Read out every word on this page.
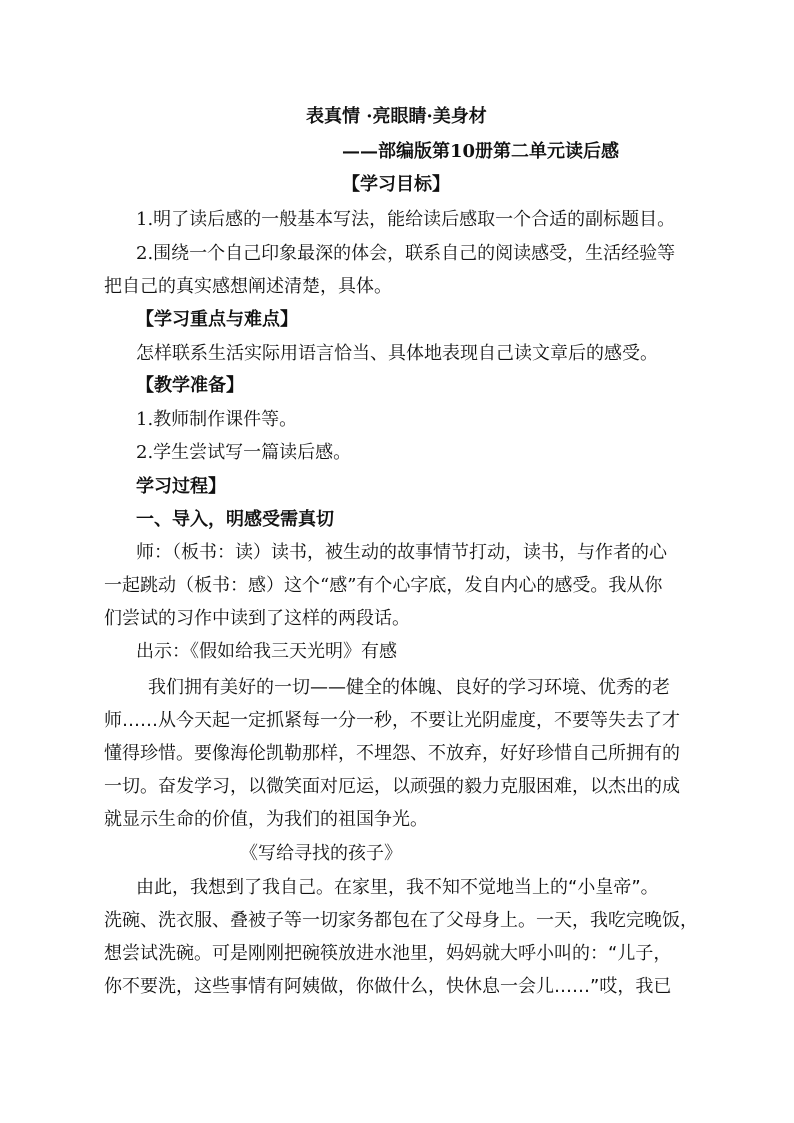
表真情 ·亮眼睛·美身材
——部编版第10册第二单元读后感
【学习目标】
1.明了读后感的一般基本写法，能给读后感取一个合适的副标题目。
2.围绕一个自己印象最深的体会，联系自己的阅读感受，生活经验等
把自己的真实感想阐述清楚，具体。
【学习重点与难点】
怎样联系生活实际用语言恰当、具体地表现自己读文章后的感受。
【教学准备】
1.教师制作课件等。
2.学生尝试写一篇读后感。
学习过程】
一、导入，明感受需真切
师：（板书：读）读书，被生动的故事情节打动，读书，与作者的心
一起跳动（板书：感）这个“感”有个心字底，发自内心的感受。我从你
们尝试的习作中读到了这样的两段话。
出示：《假如给我三天光明》有感
我们拥有美好的一切——健全的体魄、良好的学习环境、优秀的老
师……从今天起一定抓紧每一分一秒，不要让光阴虚度，不要等失去了才
懂得珍惜。要像海伦凯勒那样，不埋怨、不放弃，好好珍惜自己所拥有的
一切。奋发学习，以微笑面对厄运，以顽强的毅力克服困难，以杰出的成
就显示生命的价值，为我们的祖国争光。
《写给寻找的孩子》
由此，我想到了我自己。在家里，我不知不觉地当上的“小皇帝”。
洗碗、洗衣服、叠被子等一切家务都包在了父母身上。一天，我吃完晚饭，
想尝试洗碗。可是刚刚把碗筷放进水池里，妈妈就大呼小叫的：“儿子，
你不要洗，这些事情有阿姨做，你做什么，快休息一会儿……”哎，我已
